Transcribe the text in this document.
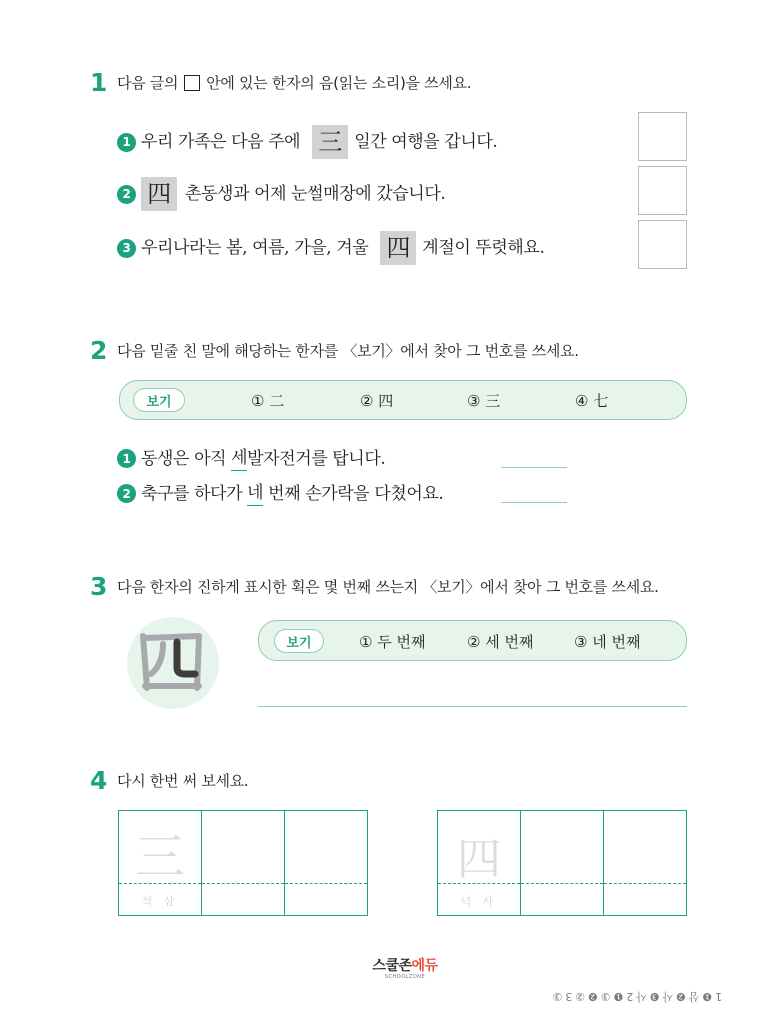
1 다음 글의 안에 있는 한자의 음(읽는 소리)을 쓰세요.
1 우리 가족은 다음 주에 三 일간 여행을 갑니다.
2 四 촌동생과 어제 눈썰매장에 갔습니다.
3 우리나라는 봄, 여름, 가을, 겨울 四 계절이 뚜렷해요.
2 다음 밑줄 친 말에 해당하는 한자를 〈보기〉에서 찾아 그 번호를 쓰세요.
보기	① 二	② 四	③ 三	④ 七
1 동생은 아직 세 발자전거를 탑니다.
2 축구를 하다가 네 번째 손가락을 다쳤어요.
3 다음 한자의 진하게 표시한 획은 몇 번째 쓰는지 〈보기〉에서 찾아 그 번호를 쓰세요.
보기	① 두 번째	② 세 번째	③ 네 번째
4 다시 한번 써 보세요.
三
석 삼
四
넉 사
스쿨존에듀
SCHOOLZONE
1 ❶ 삼 ❷ 사 ❸ 사 2 ❶ ③ ❷ ② 3 ③
